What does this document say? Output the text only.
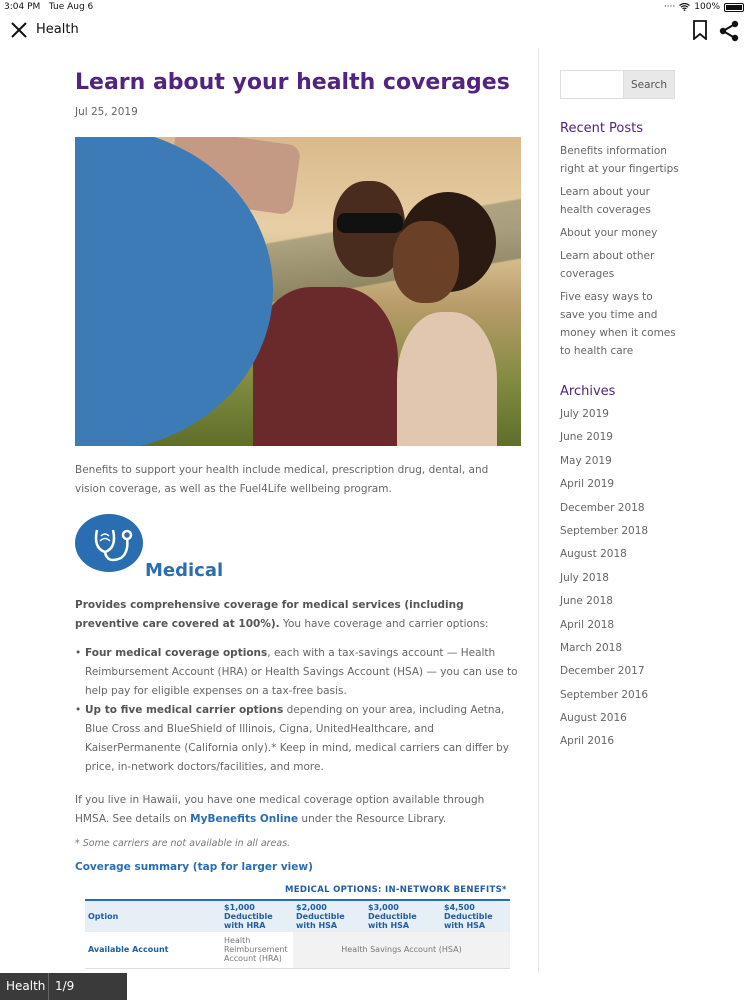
3:04 PM Tue Aug 6	···· 100%
Health
Learn about your health coverages
Jul 25, 2019

Benefits to support your health include medical, prescription drug, dental, and vision coverage, as well as the Fuel4Life wellbeing program.

Medical

Provides comprehensive coverage for medical services (including preventive care covered at 100%). You have coverage and carrier options:

• Four medical coverage options, each with a tax-savings account — Health Reimbursement Account (HRA) or Health Savings Account (HSA) — you can use to help pay for eligible expenses on a tax-free basis.
• Up to five medical carrier options depending on your area, including Aetna, Blue Cross and BlueShield of Illinois, Cigna, UnitedHealthcare, and KaiserPermanente (California only).* Keep in mind, medical carriers can differ by price, in-network doctors/facilities, and more.

If you live in Hawaii, you have one medical coverage option available through HMSA. See details on MyBenefits Online under the Resource Library.

* Some carriers are not available in all areas.

Coverage summary (tap for larger view)
MEDICAL OPTIONS: IN-NETWORK BENEFITS*
Option	$1,000 Deductible with HRA	$2,000 Deductible with HSA	$3,000 Deductible with HSA	$4,500 Deductible with HSA
Available Account	Health Reimbursement Account (HRA)	Health Savings Account (HSA)		
Search
Recent Posts
Benefits information right at your fingertips
Learn about your health coverages
About your money
Learn about other coverages
Five easy ways to save you time and money when it comes to health care
Archives
July 2019
June 2019
May 2019
April 2019
December 2018
September 2018
August 2018
July 2018
June 2018
April 2018
March 2018
December 2017
September 2016
August 2016
April 2016
Health 1/9
